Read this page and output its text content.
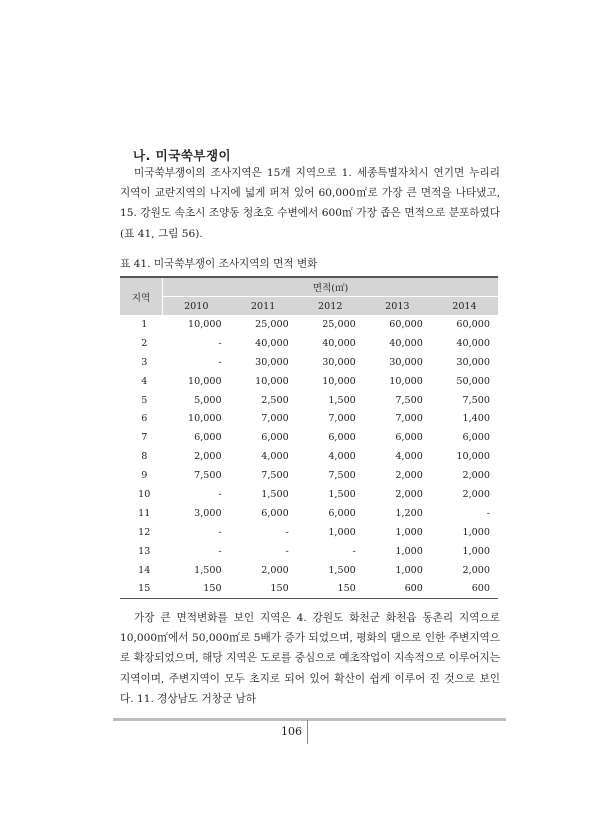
나. 미국쑥부쟁이

미국쑥부쟁이의 조사지역은 15개 지역으로 1. 세종특별자치시 연기면 누리리 지역이 교란지역의 나지에 넓게 퍼져 있어 60,000㎡로 가장 큰 면적을 나타냈고, 15. 강원도 속초시 조양동 청초호 수변에서 600㎡ 가장 좁은 면적으로 분포하였다(표 41, 그림 56).

표 41. 미국쑥부쟁이 조사지역의 면적 변화
지역	면적(㎡)				
	2010	2011	2012	2013	2014
1	10,000	25,000	25,000	60,000	60,000
2	-	40,000	40,000	40,000	40,000
3	-	30,000	30,000	30,000	30,000
4	10,000	10,000	10,000	10,000	50,000
5	5,000	2,500	1,500	7,500	7,500
6	10,000	7,000	7,000	7,000	1,400
7	6,000	6,000	6,000	6,000	6,000
8	2,000	4,000	4,000	4,000	10,000
9	7,500	7,500	7,500	2,000	2,000
10	-	1,500	1,500	2,000	2,000
11	3,000	6,000	6,000	1,200	-
12	-	-	1,000	1,000	1,000
13	-	-	-	1,000	1,000
14	1,500	2,000	1,500	1,000	2,000
15	150	150	150	600	600

가장 큰 면적변화를 보인 지역은 4. 강원도 화천군 화천읍 동촌리 지역으로 10,000㎡에서 50,000㎡로 5배가 증가 되었으며, 평화의 댐으로 인한 주변지역으로 확장되었으며, 해당 지역은 도로를 중심으로 예초작업이 지속적으로 이루어지는 지역이며, 주변지역이 모두 초지로 되어 있어 확산이 쉽게 이루어 진 것으로 보인다. 11. 경상남도 거창군 남하

106
